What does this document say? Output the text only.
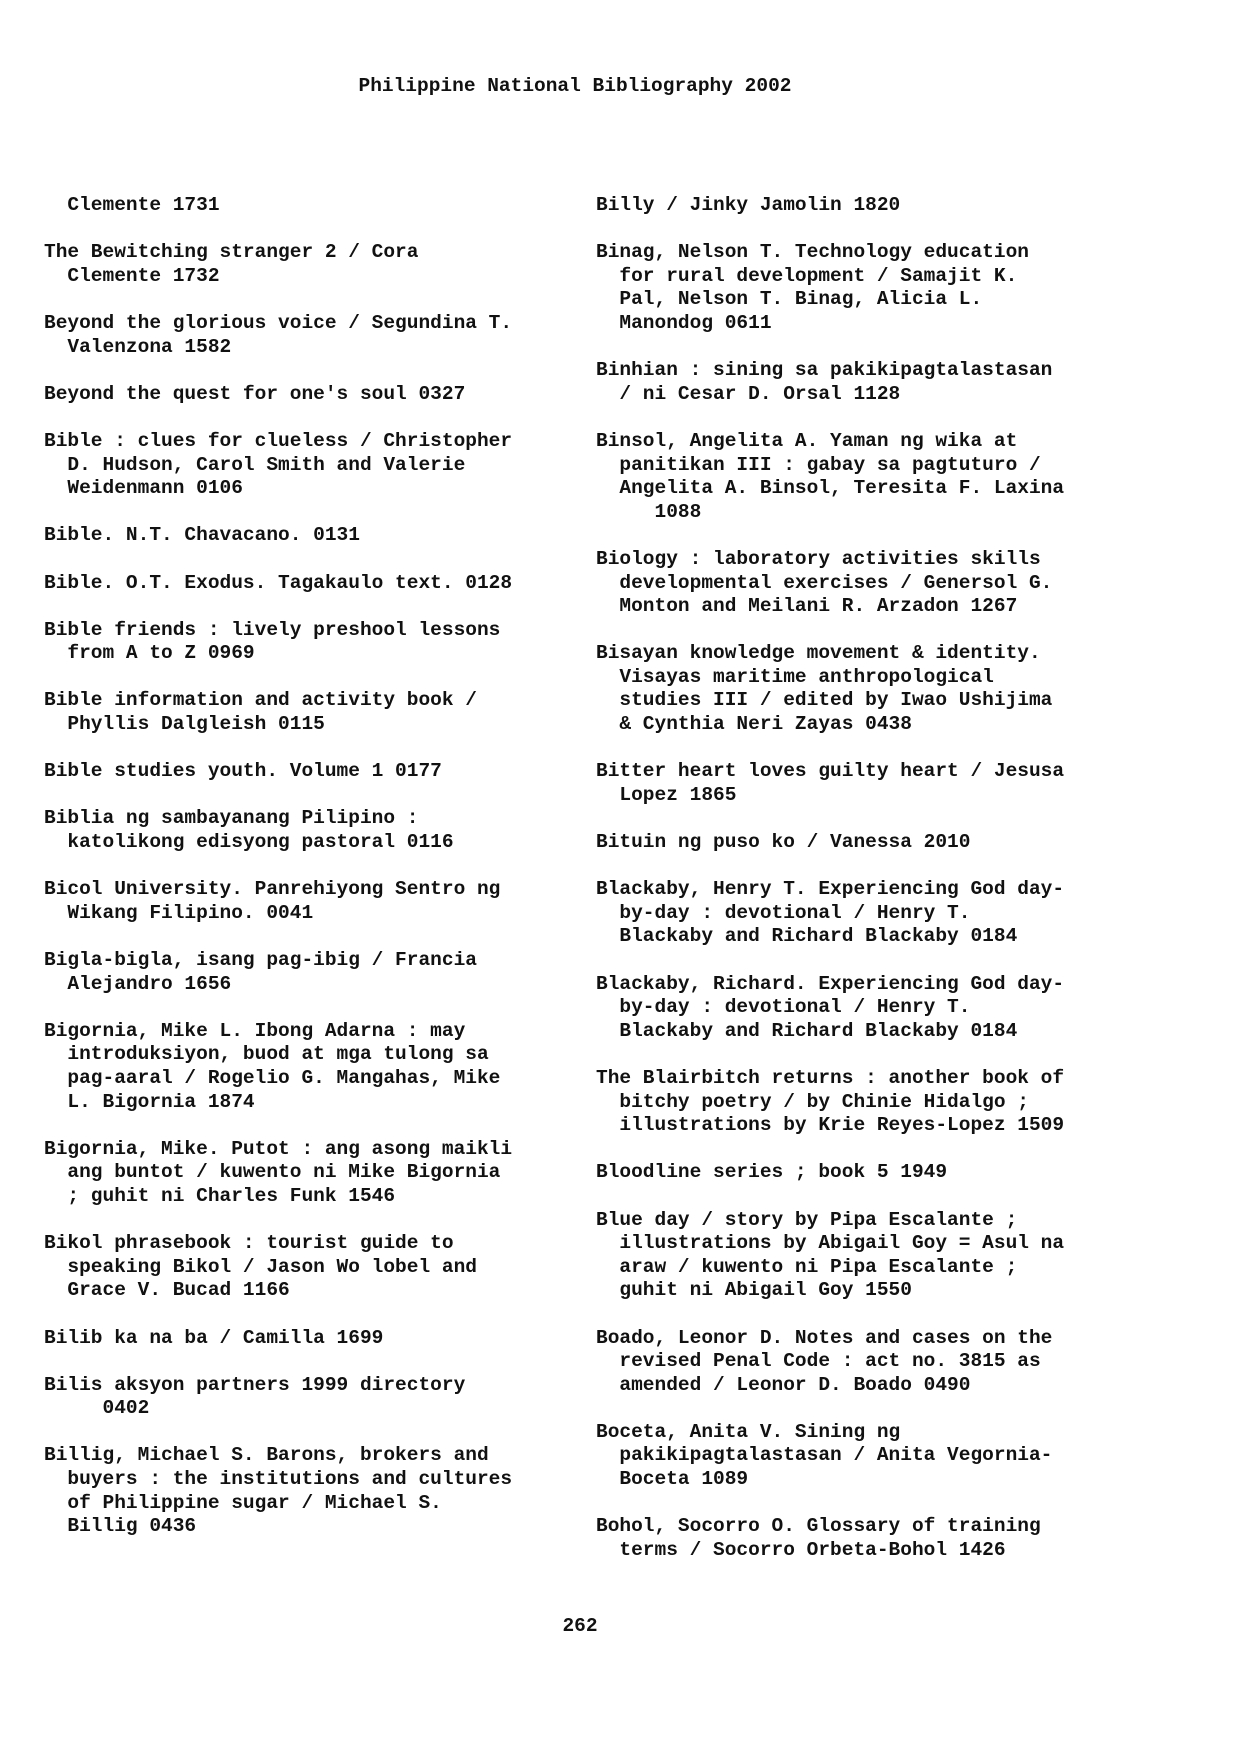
Philippine National Bibliography 2002
Clemente 1731
The Bewitching stranger 2 / Cora
Clemente 1732
Beyond the glorious voice / Segundina T.
Valenzona 1582
Beyond the quest for one's soul 0327
Bible : clues for clueless / Christopher
D. Hudson, Carol Smith and Valerie
Weidenmann 0106
Bible. N.T. Chavacano. 0131
Bible. O.T. Exodus. Tagakaulo text. 0128
Bible friends : lively preshool lessons
from A to Z 0969
Bible information and activity book /
Phyllis Dalgleish 0115
Bible studies youth. Volume 1 0177
Biblia ng sambayanang Pilipino :
katolikong edisyong pastoral 0116
Bicol University. Panrehiyong Sentro ng
Wikang Filipino. 0041
Bigla-bigla, isang pag-ibig / Francia
Alejandro 1656
Bigornia, Mike L. Ibong Adarna : may
introduksiyon, buod at mga tulong sa
pag-aaral / Rogelio G. Mangahas, Mike
L. Bigornia 1874
Bigornia, Mike. Putot : ang asong maikli
ang buntot / kuwento ni Mike Bigornia
; guhit ni Charles Funk 1546
Bikol phrasebook : tourist guide to
speaking Bikol / Jason Wo lobel and
Grace V. Bucad 1166
Bilib ka na ba / Camilla 1699
Bilis aksyon partners 1999 directory
0402
Billig, Michael S. Barons, brokers and
buyers : the institutions and cultures
of Philippine sugar / Michael S.
Billig 0436
Billy / Jinky Jamolin 1820
Binag, Nelson T. Technology education
for rural development / Samajit K.
Pal, Nelson T. Binag, Alicia L.
Manondog 0611
Binhian : sining sa pakikipagtalastasan
/ ni Cesar D. Orsal 1128
Binsol, Angelita A. Yaman ng wika at
panitikan III : gabay sa pagtuturo /
Angelita A. Binsol, Teresita F. Laxina
1088
Biology : laboratory activities skills
developmental exercises / Genersol G.
Monton and Meilani R. Arzadon 1267
Bisayan knowledge movement & identity.
Visayas maritime anthropological
studies III / edited by Iwao Ushijima
& Cynthia Neri Zayas 0438
Bitter heart loves guilty heart / Jesusa
Lopez 1865
Bituin ng puso ko / Vanessa 2010
Blackaby, Henry T. Experiencing God day-
by-day : devotional / Henry T.
Blackaby and Richard Blackaby 0184
Blackaby, Richard. Experiencing God day-
by-day : devotional / Henry T.
Blackaby and Richard Blackaby 0184
The Blairbitch returns : another book of
bitchy poetry / by Chinie Hidalgo ;
illustrations by Krie Reyes-Lopez 1509
Bloodline series ; book 5 1949
Blue day / story by Pipa Escalante ;
illustrations by Abigail Goy = Asul na
araw / kuwento ni Pipa Escalante ;
guhit ni Abigail Goy 1550
Boado, Leonor D. Notes and cases on the
revised Penal Code : act no. 3815 as
amended / Leonor D. Boado 0490
Boceta, Anita V. Sining ng
pakikipagtalastasan / Anita Vegornia-
Boceta 1089
Bohol, Socorro O. Glossary of training
terms / Socorro Orbeta-Bohol 1426
262
